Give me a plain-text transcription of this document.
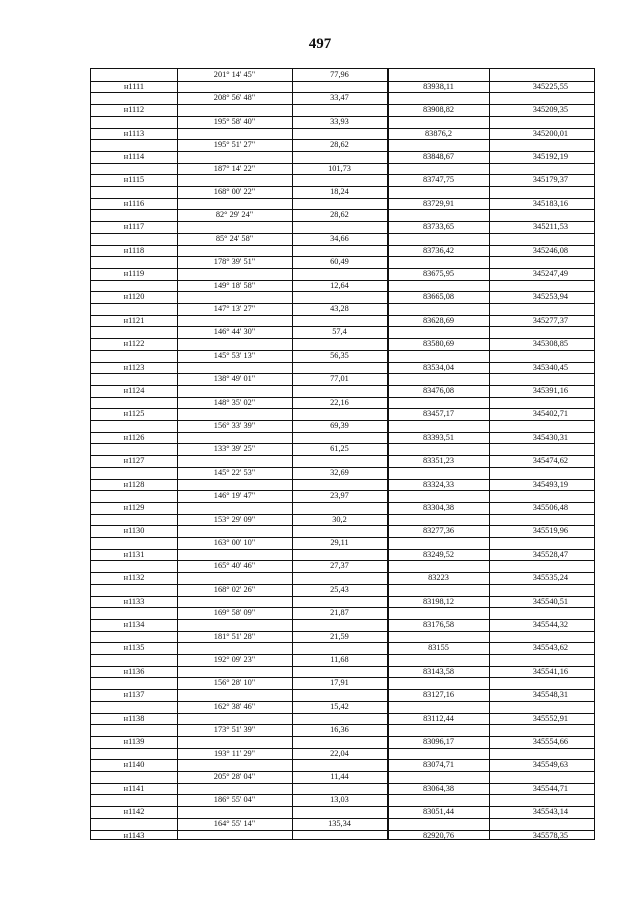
497
201° 14' 45"	77,96
н1111	83938,11	345225,55
208° 56' 48"	33,47
н1112	83908,82	345209,35
195° 58' 40"	33,93
н1113	83876,2	345200,01
195° 51' 27"	28,62
н1114	83848,67	345192,19
187° 14' 22"	101,73
н1115	83747,75	345179,37
168° 00' 22"	18,24
н1116	83729,91	345183,16
82° 29' 24"	28,62
н1117	83733,65	345211,53
85° 24' 58"	34,66
н1118	83736,42	345246,08
178° 39' 51"	60,49
н1119	83675,95	345247,49
149° 18' 58"	12,64
н1120	83665,08	345253,94
147° 13' 27"	43,28
н1121	83628,69	345277,37
146° 44' 30"	57,4
н1122	83580,69	345308,85
145° 53' 13"	56,35
н1123	83534,04	345340,45
138° 49' 01"	77,01
н1124	83476,08	345391,16
148° 35' 02"	22,16
н1125	83457,17	345402,71
156° 33' 39"	69,39
н1126	83393,51	345430,31
133° 39' 25"	61,25
н1127	83351,23	345474,62
145° 22' 53"	32,69
н1128	83324,33	345493,19
146° 19' 47"	23,97
н1129	83304,38	345506,48
153° 29' 09"	30,2
н1130	83277,36	345519,96
163° 00' 10"	29,11
н1131	83249,52	345528,47
165° 40' 46"	27,37
н1132	83223	345535,24
168° 02' 26"	25,43
н1133	83198,12	345540,51
169° 58' 09"	21,87
н1134	83176,58	345544,32
181° 51' 28"	21,59
н1135	83155	345543,62
192° 09' 23"	11,68
н1136	83143,58	345541,16
156° 28' 10"	17,91
н1137	83127,16	345548,31
162° 38' 46"	15,42
н1138	83112,44	345552,91
173° 51' 39"	16,36
н1139	83096,17	345554,66
193° 11' 29"	22,04
н1140	83074,71	345549,63
205° 28' 04"	11,44
н1141	83064,38	345544,71
186° 55' 04"	13,03
н1142	83051,44	345543,14
164° 55' 14"	135,34
н1143	82920,76	345578,35
